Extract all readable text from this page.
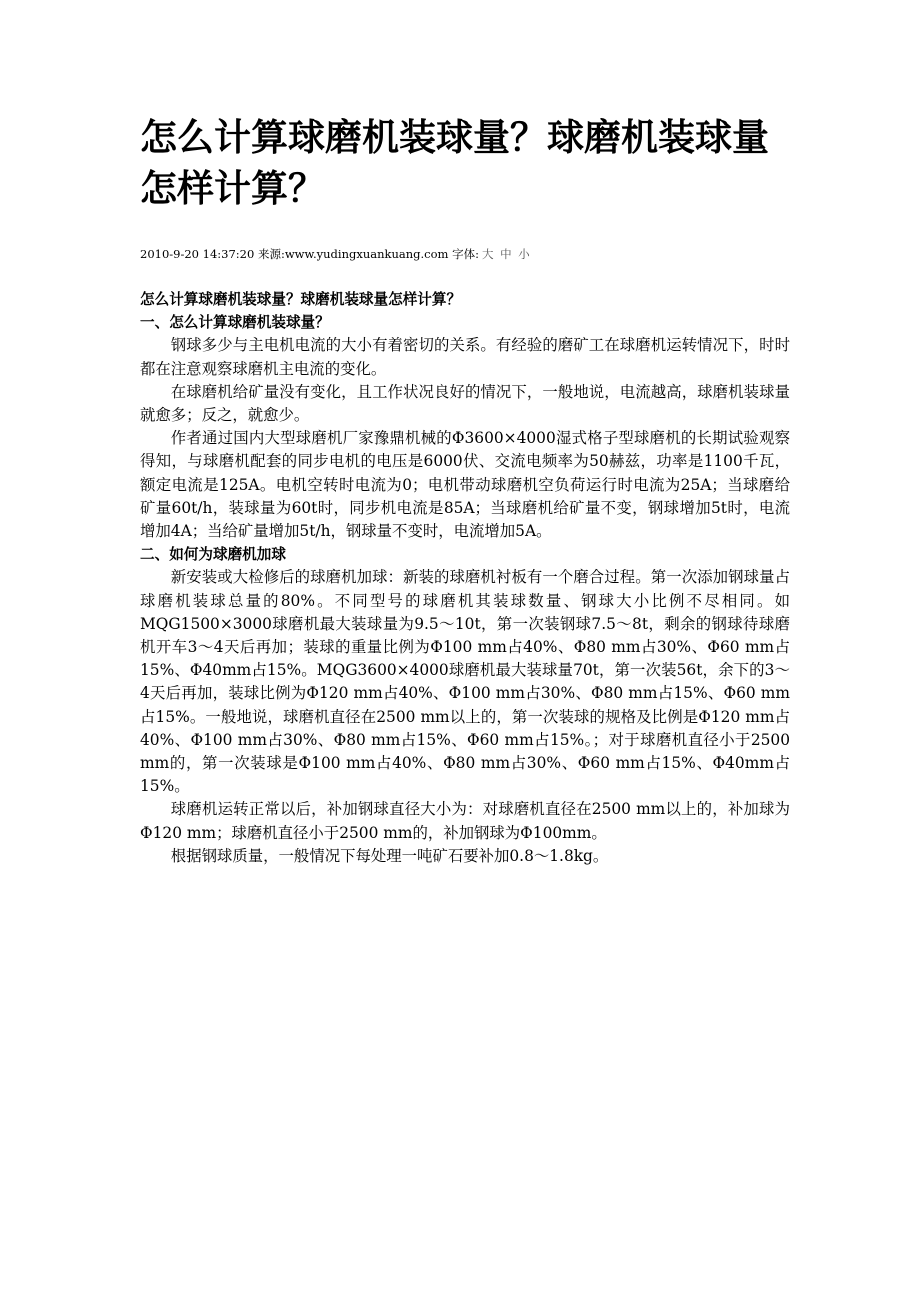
怎么计算球磨机装球量？球磨机装球量怎样计算？
2010-9-20 14:37:20 来源:www.yudingxuankuang.com 字体: 大 中 小
怎么计算球磨机装球量？球磨机装球量怎样计算？
一、怎么计算球磨机装球量？

钢球多少与主电机电流的大小有着密切的关系。有经验的磨矿工在球磨机运转情况下，时时都在注意观察球磨机主电流的变化。

在球磨机给矿量没有变化，且工作状况良好的情况下，一般地说，电流越高，球磨机装球量就愈多；反之，就愈少。

作者通过国内大型球磨机厂家豫鼎机械的Φ3600×4000湿式格子型球磨机的长期试验观察得知，与球磨机配套的同步电机的电压是6000伏、交流电频率为50赫兹，功率是1100千瓦，额定电流是125A。电机空转时电流为0；电机带动球磨机空负荷运行时电流为25A；当球磨给矿量60t/h，装球量为60t时，同步机电流是85A；当球磨机给矿量不变，钢球增加5t时，电流增加4A；当给矿量增加5t/h，钢球量不变时，电流增加5A。

二、如何为球磨机加球

新安装或大检修后的球磨机加球：新装的球磨机衬板有一个磨合过程。第一次添加钢球量占球磨机装球总量的80%。不同型号的球磨机其装球数量、钢球大小比例不尽相同。如MQG1500×3000球磨机最大装球量为9.5～10t，第一次装钢球7.5～8t，剩余的钢球待球磨机开车3～4天后再加；装球的重量比例为Φ100 mm占40%、Φ80 mm占30%、Φ60 mm占15%、Φ40mm占15%。MQG3600×4000球磨机最大装球量70t，第一次装56t，余下的3～4天后再加，装球比例为Φ120 mm占40%、Φ100 mm占30%、Φ80 mm占15%、Φ60 mm占15%。一般地说，球磨机直径在2500 mm以上的，第一次装球的规格及比例是Φ120 mm占40%、Φ100 mm占30%、Φ80 mm占15%、Φ60 mm占15%。；对于球磨机直径小于2500 mm的，第一次装球是Φ100 mm占40%、Φ80 mm占30%、Φ60 mm占15%、Φ40mm占15%。

球磨机运转正常以后，补加钢球直径大小为：对球磨机直径在2500 mm以上的，补加球为Φ120 mm；球磨机直径小于2500 mm的，补加钢球为Φ100mm。

根据钢球质量，一般情况下每处理一吨矿石要补加0.8～1.8kg。
